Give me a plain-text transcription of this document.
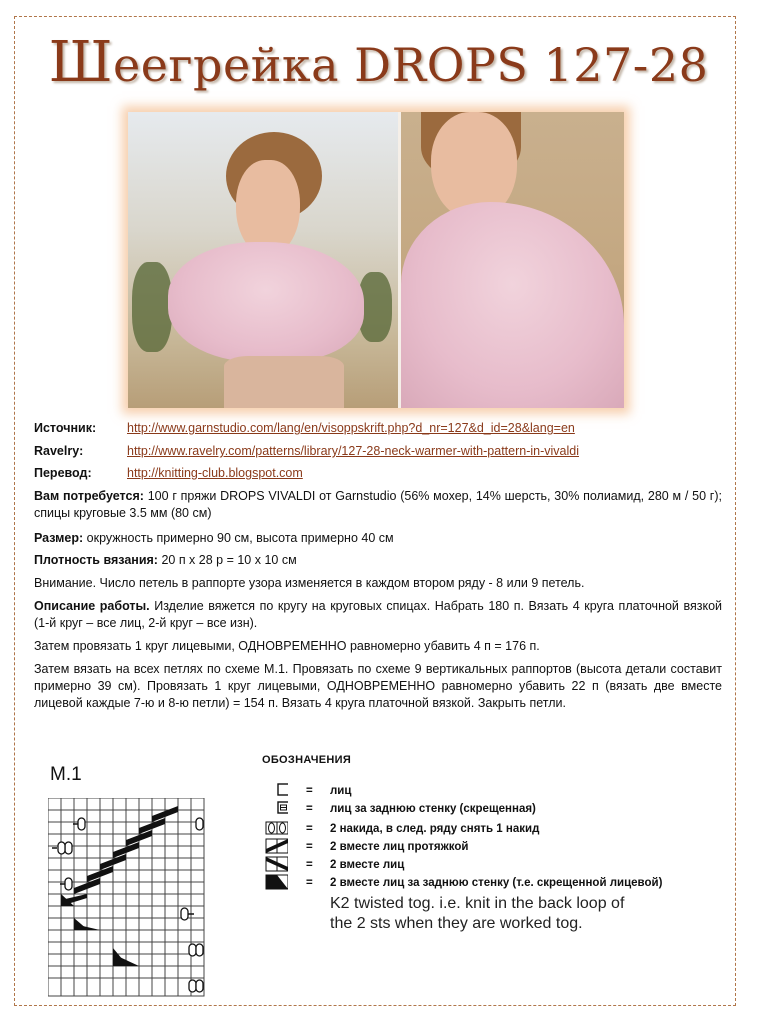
Шеегрейка DROPS 127-28
Источник: http://www.garnstudio.com/lang/en/visoppskrift.php?d_nr=127&d_id=28&lang=en
Ravelry:	http://www.ravelry.com/patterns/library/127-28-neck-warmer-with-pattern-in-vivaldi
Перевод:	http://knitting-club.blogspot.com
Вам потребуется: 100 г пряжи DROPS VIVALDI от Garnstudio (56% мохер, 14% шерсть, 30% полиамид, 280 м / 50 г); спицы круговые 3.5 мм (80 см)
Размер: окружность примерно 90 см, высота примерно 40 см
Плотность вязания: 20 п x 28 р = 10 x 10 см
Внимание. Число петель в раппорте узора изменяется в каждом втором ряду - 8 или 9 петель.
Описание работы. Изделие вяжется по кругу на круговых спицах. Набрать 180 п. Вязать 4 круга платочной вязкой (1-й круг – все лиц, 2-й круг – все изн).
Затем провязать 1 круг лицевыми, ОДНОВРЕМЕННО равномерно убавить 4 п = 176 п.
Затем вязать на всех петлях по схеме M.1. Провязать по схеме 9 вертикальных раппортов (высота детали составит примерно 39 см). Провязать 1 круг лицевыми, ОДНОВРЕМЕННО равномерно убавить 22 п (вязать две вместе лицевой каждые 7-ю и 8-ю петли) = 154 п. Вязать 4 круга платочной вязкой. Закрыть петли.
M.1
ОБОЗНАЧЕНИЯ
= лиц
= лиц за заднюю стенку (скрещенная)
= 2 накида, в след. ряду снять 1 накид
= 2 вместе лиц протяжкой
= 2 вместе лиц
= 2 вместе лиц за заднюю стенку (т.е. скрещенной лицевой)
K2 twisted tog. i.e. knit in the back loop of
the 2 sts when they are worked tog.
